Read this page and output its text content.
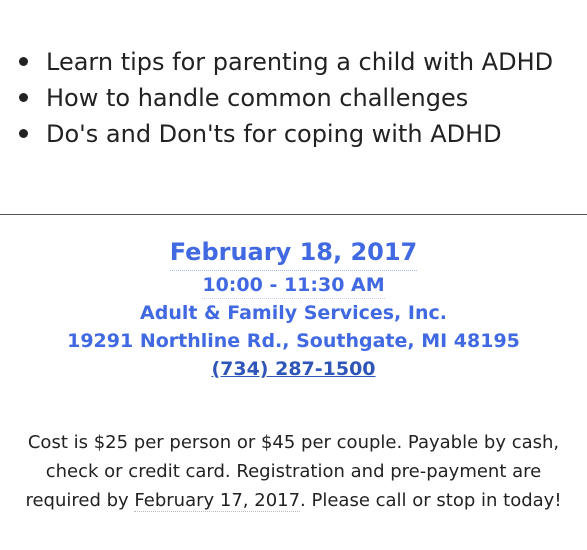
Learn tips for parenting a child with ADHD
How to handle common challenges
Do's and Don'ts for coping with ADHD
February 18, 2017
10:00 - 11:30 AM
Adult & Family Services, Inc.
19291 Northline Rd., Southgate, MI 48195
(734) 287-1500
Cost is $25 per person or $45 per couple. Payable by cash,
check or credit card. Registration and pre-payment are
required by February 17, 2017. Please call or stop in today!
